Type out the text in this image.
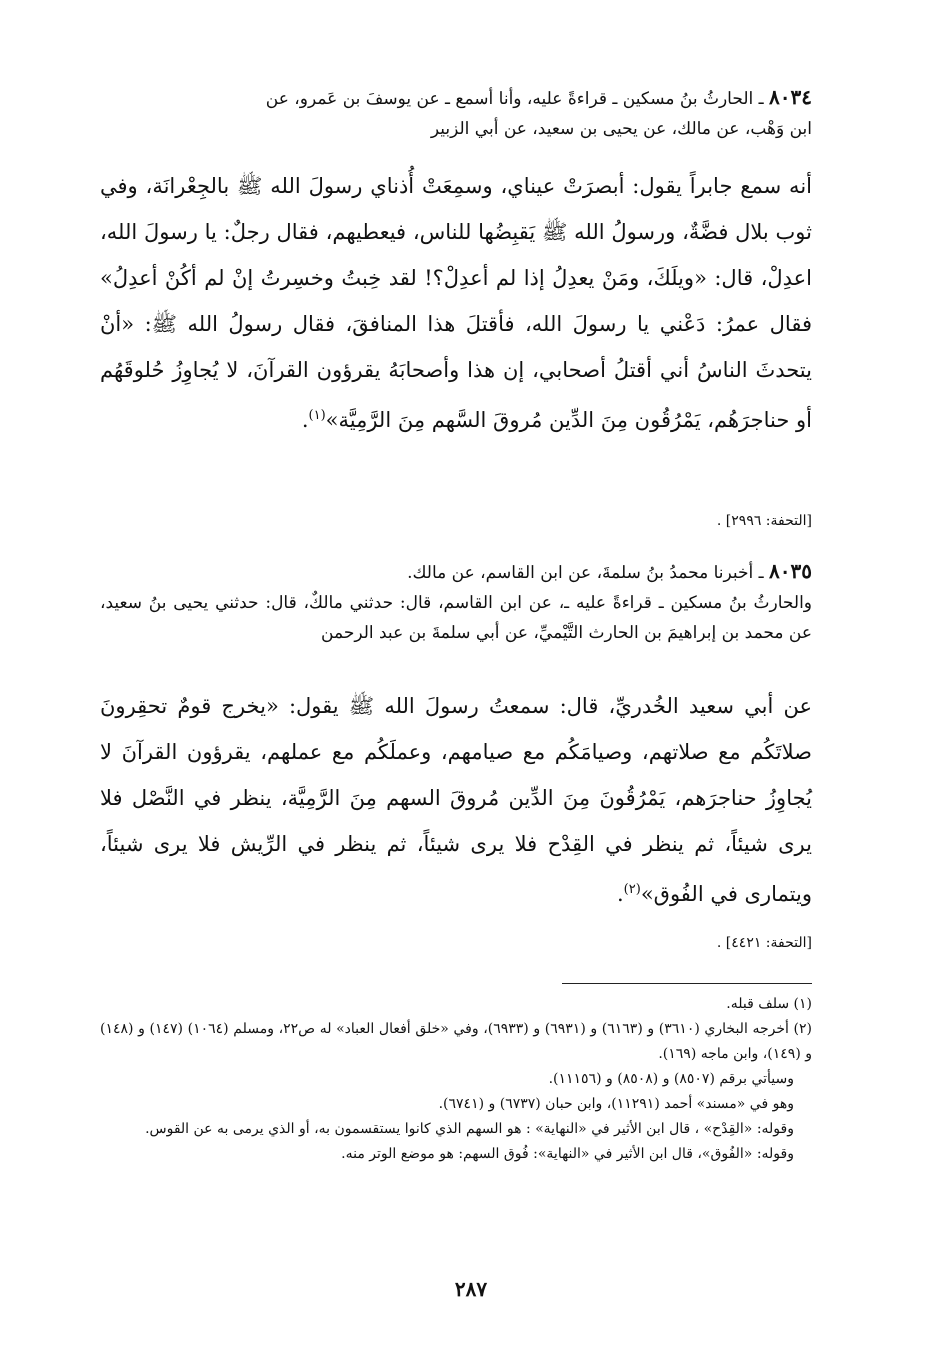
٨٠٣٤ ـ الحارثُ بنُ مسكين ـ قراءةً عليه، وأنا أسمع ـ عن يوسفَ بن عَمرو، عن
ابن وَهْب، عن مالك، عن يحيى بن سعيد، عن أبي الزبير
أنه سمع جابراً يقول: أبصرَتْ عيناي، وسمِعَتْ أُذناي رسولَ الله ﷺ بالجِعْرانَة، وفي ثوب بلال فضَّةٌ، ورسولُ الله ﷺ يَقبِضُها للناس، فيعطيهم، فقال رجلٌ: يا رسولَ الله، اعدِلْ، قال: «ويلَكَ، ومَنْ يعدِلُ إذا لم أعدِلْ؟! لقد خِبتُ وخسِرتُ إنْ لم أكُنْ أعدِلُ» فقال عمرُ: دَعْني يا رسولَ الله، فأقتلَ هذا المنافقَ، فقال رسولُ الله ﷺ: «أنْ يتحدثَ الناسُ أني أقتلُ أصحابي، إن هذا وأصحابَهُ يقرؤون القرآنَ، لا يُجاوِزُ حُلوقَهُم أو حناجرَهُم، يَمْرُقُون مِنَ الدِّين مُروقَ السَّهم مِنَ الرَّمِيَّة»$^{(١)}$.
[التحفة: ٢٩٩٦] .
٨٠٣٥ ـ أخبرنا محمدُ بنُ سلمةَ، عن ابن القاسم، عن مالك.
والحارثُ بنُ مسكين ـ قراءةً عليه ـ، عن ابن القاسم، قال: حدثني مالكٌ، قال: حدثني يحيى بنُ سعيد، عن محمد بن إبراهيمَ بن الحارث التَّيْميِّ، عن أبي سلمةَ بن عبد الرحمن
عن أبي سعيد الخُدريِّ، قال: سمعتُ رسولَ الله ﷺ يقول: «يخرج قومٌ تحقِرونَ صلاتَكُم مع صلاتهم، وصيامَكُم مع صيامهم، وعملَكُم مع عملهم، يقرؤون القرآنَ لا يُجاوِزُ حناجرَهم، يَمْرُقُونَ مِنَ الدِّين مُروقَ السهم مِنَ الرَّمِيَّة، ينظر في النَّصْل فلا يرى شيئاً، ثم ينظر في القِدْح فلا يرى شيئاً، ثم ينظر في الرِّيش فلا يرى شيئاً، ويتمارى في الفُوق»$^{(٢)}$.
[التحفة: ٤٤٢١] .
(١) سلف قبله.
(٢) أخرجه البخاري (٣٦١٠) و (٦١٦٣) و (٦٩٣١) و (٦٩٣٣)، وفي «خلق أفعال العباد» له ص٢٢، ومسلم (١٠٦٤) (١٤٧) و (١٤٨) و (١٤٩)، وابن ماجه (١٦٩).
وسيأتي برقم (٨٥٠٧) و (٨٥٠٨) و (١١١٥٦).
وهو في «مسند» أحمد (١١٢٩١)، وابن حبان (٦٧٣٧) و (٦٧٤١).
وقوله: «القِدْح» ، قال ابن الأثير في «النهاية» : هو السهم الذي كانوا يستقسمون به، أو الذي يرمى به عن القوس.
وقوله: «الفُوق»، قال ابن الأثير في «النهاية»: فُوق السهم: هو موضع الوتر منه.
٢٨٧
